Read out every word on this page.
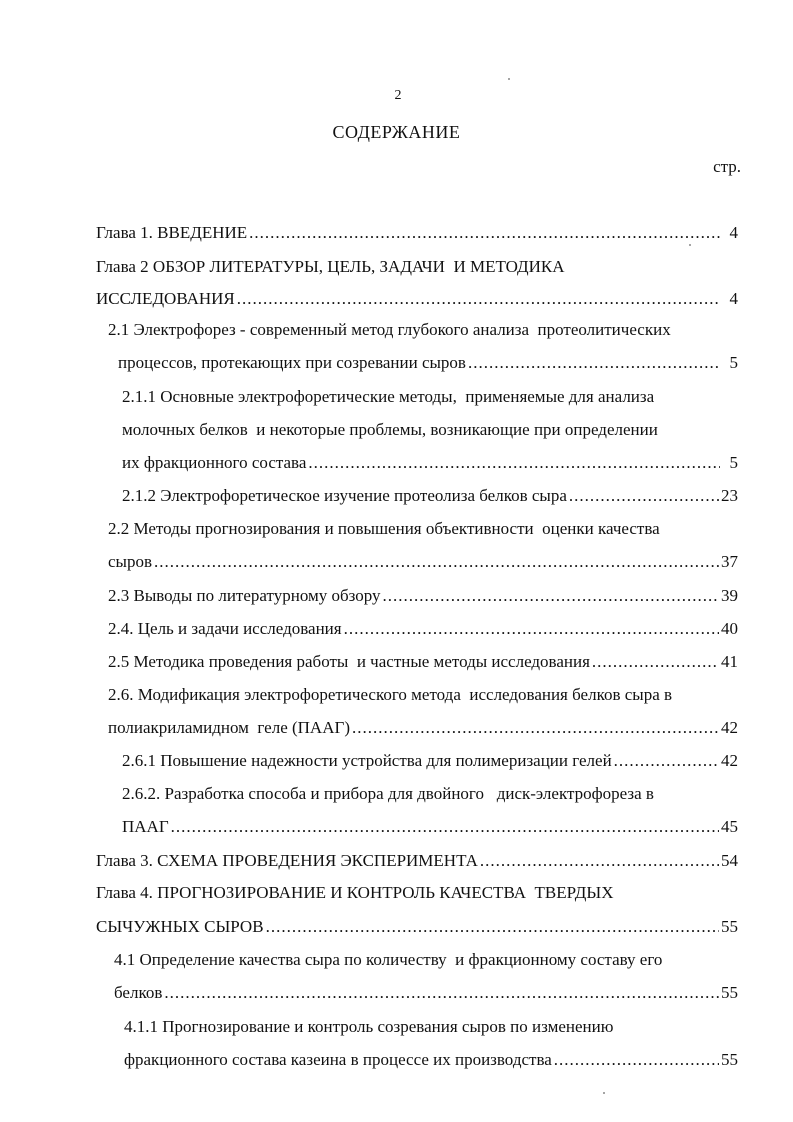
2
СОДЕРЖАНИЕ
стр.
Глава 1. ВВЕДЕНИЕ .....	4
Глава 2 ОБЗОР ЛИТЕРАТУРЫ, ЦЕЛЬ, ЗАДАЧИ  И МЕТОДИКА
ИССЛЕДОВАНИЯ .....	4
2.1 Электрофорез - современный метод глубокого анализа  протеолитических
процессов, протекающих при созревании сыров .....	5
2.1.1 Основные электрофоретические методы,  применяемые для анализа
молочных белков  и некоторые проблемы, возникающие при определении
их фракционного состава .....	5
2.1.2 Электрофоретическое изучение протеолиза белков сыра .....	23
2.2 Методы прогнозирования и повышения объективности  оценки качества
сыров .....	37
2.3 Выводы по литературному обзору .....	39
2.4. Цель и задачи исследования .....	40
2.5 Методика проведения работы  и частные методы исследования .....	41
2.6. Модификация электрофоретического метода  исследования белков сыра в
полиакриламидном  геле (ПААГ) .....	42
2.6.1 Повышение надежности устройства для полимеризации гелей .....	42
2.6.2. Разработка способа и прибора для двойного   диск-электрофореза в
ПААГ .....	45
Глава 3. СХЕМА ПРОВЕДЕНИЯ ЭКСПЕРИМЕНТА .....	54
Глава 4. ПРОГНОЗИРОВАНИЕ И КОНТРОЛЬ КАЧЕСТВА  ТВЕРДЫХ
СЫЧУЖНЫХ СЫРОВ .....	55
4.1 Определение качества сыра по количеству  и фракционному составу его
белков .....	55
4.1.1 Прогнозирование и контроль созревания сыров по изменению
фракционного состава казеина в процессе их производства .....	55
